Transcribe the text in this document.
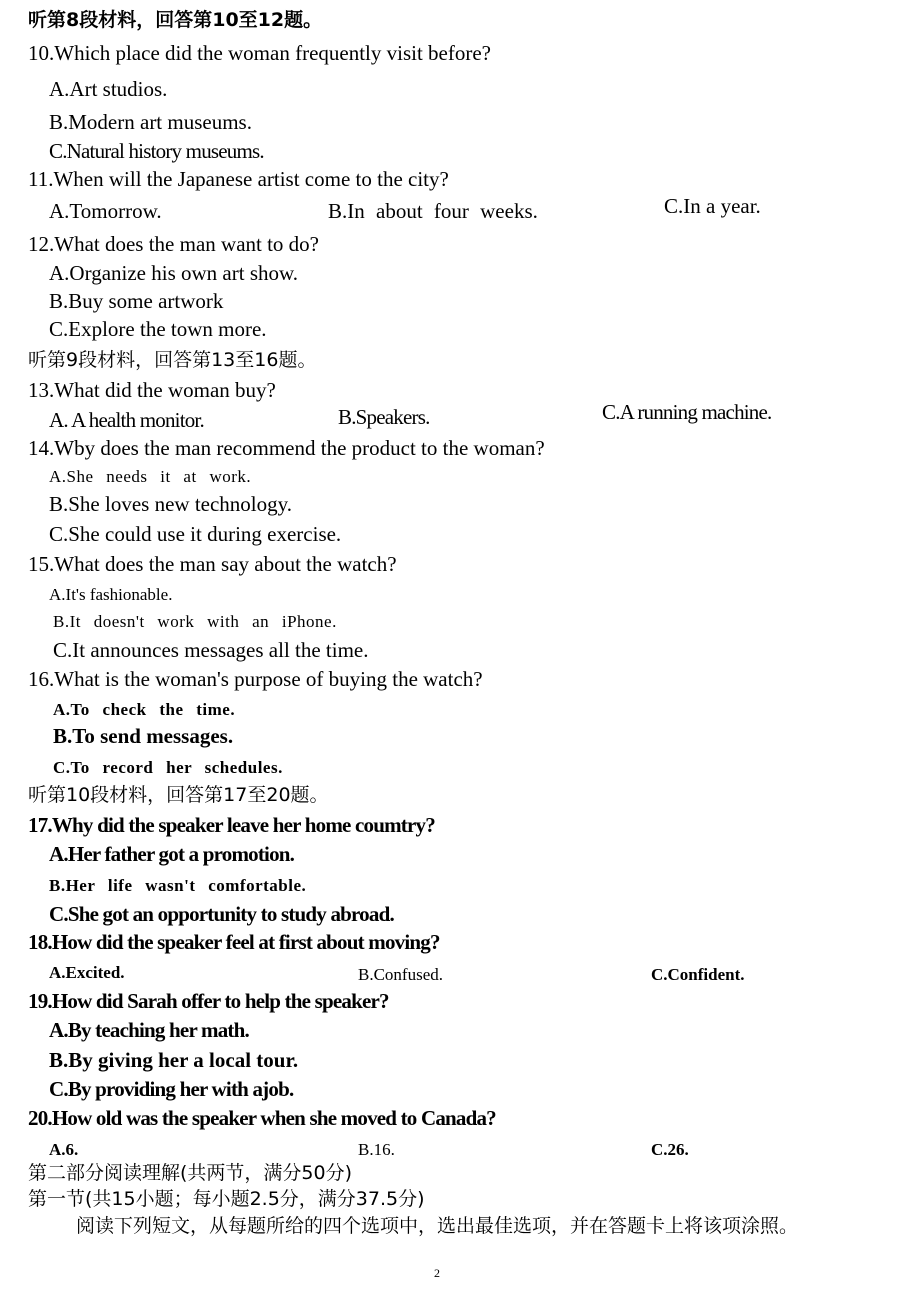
听第8段材料，回答第10至12题。
10.Which place did the woman frequently visit before?
A.Art studios.
B.Modern art museums.
C.Natural history museums.
11.When will the Japanese artist come to the city?
A.Tomorrow.	B.In about four weeks.	C.In a year.
12.What does the man want to do?
A.Organize his own art show.
B.Buy some artwork
C.Explore the town more.
听第9段材料，回答第13至16题。
13.What did the woman buy?
A. A health monitor.	B.Speakers.	C.A running machine.
14.Wby does the man recommend the product to the woman?
A.She needs it at work.
B.She loves new technology.
C.She could use it during exercise.
15.What does the man say about the watch?
A.It's fashionable.
B.It doesn't work with an iPhone.
C.It announces messages all the time.
16.What is the woman's purpose of buying the watch?
A.To check the time.
B.To send messages.
C.To record her schedules.
听第10段材料，回答第17至20题。
17.Why did the speaker leave her home coumtry?
A.Her father got a promotion.
B.Her life wasn't comfortable.
C.She got an opportunity to study abroad.
18.How did the speaker feel at first about moving?
A.Excited.	B.Confused.	C.Confident.
19.How did Sarah offer to help the speaker?
A.By teaching her math.
B.By giving her a local tour.
C.By providing her with ajob.
20.How old was the speaker when she moved to Canada?
A.6.	B.16.	C.26.
第二部分阅读理解(共两节，满分50分)
第一节(共15小题；每小题2.5分，满分37.5分)
阅读下列短文，从每题所给的四个选项中，选出最佳选项，并在答题卡上将该项涂照。
2
